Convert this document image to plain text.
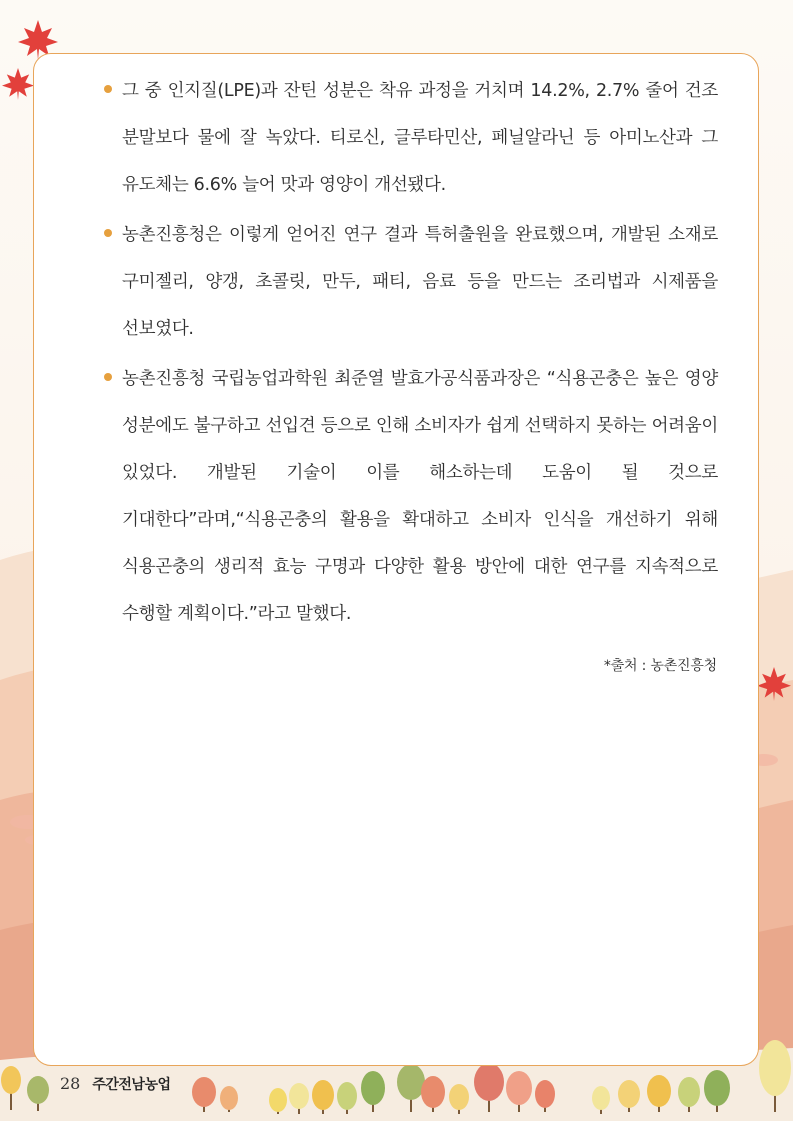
그 중 인지질(LPE)과 잔틴 성분은 착유 과정을 거치며 14.2%, 2.7% 줄어 건조 분말보다 물에 잘 녹았다. 티로신, 글루타민산, 페닐알라닌 등 아미노산과 그 유도체는 6.6% 늘어 맛과 영양이 개선됐다.
농촌진흥청은 이렇게 얻어진 연구 결과 특허출원을 완료했으며, 개발된 소재로 구미젤리, 양갱, 초콜릿, 만두, 패티, 음료 등을 만드는 조리법과 시제품을 선보였다.
농촌진흥청 국립농업과학원 최준열 발효가공식품과장은 “식용곤충은 높은 영양 성분에도 불구하고 선입견 등으로 인해 소비자가 쉽게 선택하지 못하는 어려움이 있었다. 개발된 기술이 이를 해소하는데 도움이 될 것으로 기대한다”라며,“식용곤충의 활용을 확대하고 소비자 인식을 개선하기 위해 식용곤충의 생리적 효능 구명과 다양한 활용 방안에 대한 연구를 지속적으로 수행할 계획이다.”라고 말했다.
*출처 : 농촌진흥청
28 주간전남농업
